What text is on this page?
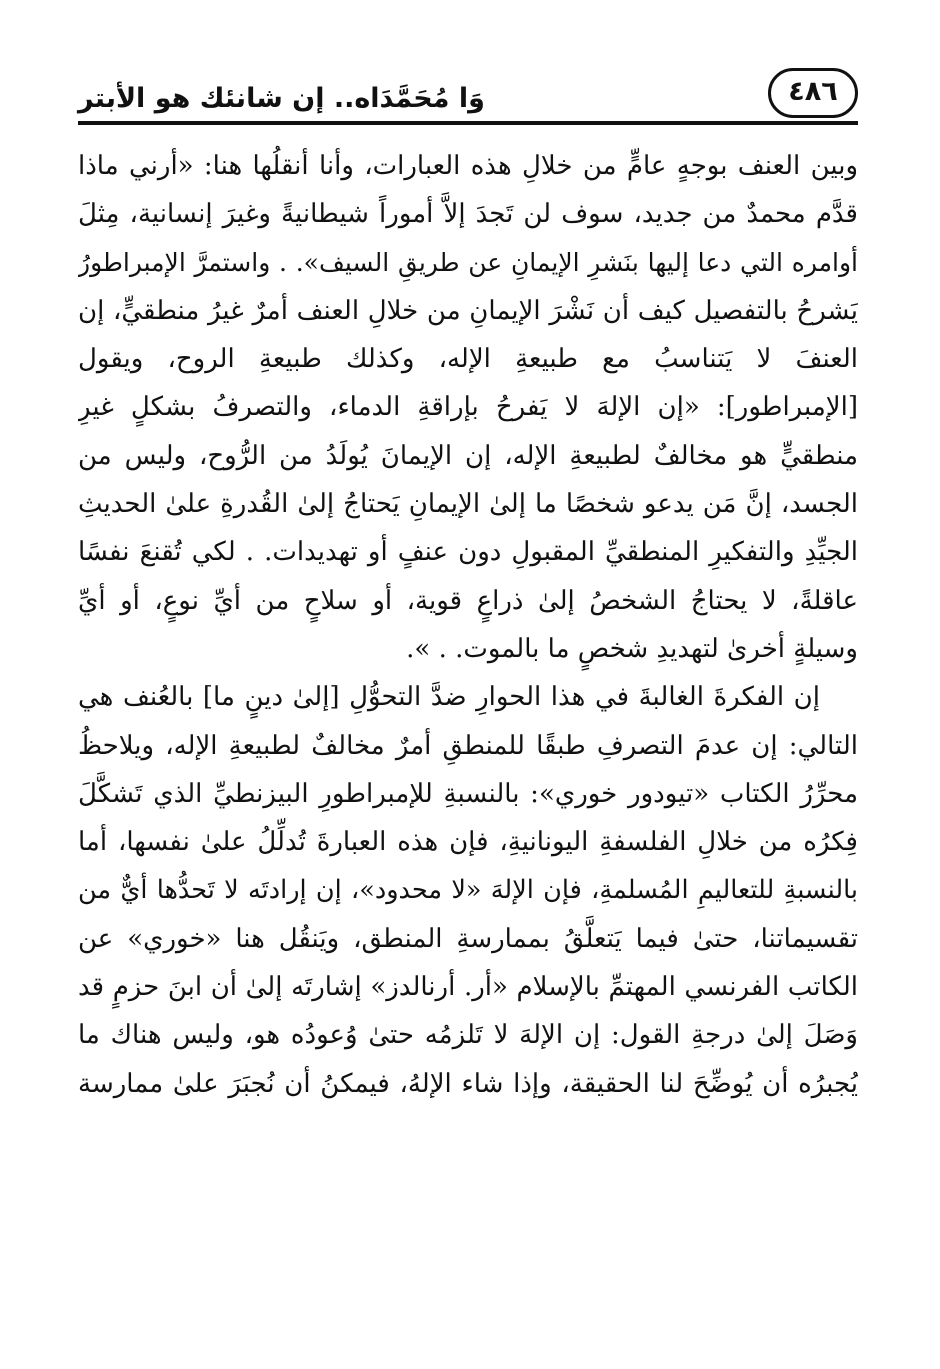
وَا مُحَمَّدَاه.. إن شانئك هو الأبتر	٤٨٦
وبين العنف بوجهٍ عامٍّ من خلالِ هذه العبارات، وأنا أنقلُها هنا: «أرني ماذا
قدَّم محمدٌ من جديد، سوف لن تَجدَ إلاَّ أموراً شيطانيةً وغيرَ إنسانية، مِثلَ
أوامره التي دعا إليها بنَشرِ الإيمانِ عن طريقِ السيف». . واستمرَّ الإمبراطورُ
يَشرحُ بالتفصيل كيف أن نَشْرَ الإيمانِ من خلالِ العنف أمرٌ غيرُ منطقيٍّ، إن
العنفَ لا يَتناسبُ مع طبيعةِ الإله، وكذلك طبيعةِ الروح، ويقول
[الإمبراطور]: «إن الإلهَ لا يَفرحُ بإراقةِ الدماء، والتصرفُ بشكلٍ غيرِ
منطقيٍّ هو مخالفٌ لطبيعةِ الإله، إن الإيمانَ يُولَدُ من الرُّوح، وليس من
الجسد، إنَّ مَن يدعو شخصًا ما إلىٰ الإيمانِ يَحتاجُ إلىٰ القُدرةِ علىٰ الحديثِ
الجيِّدِ والتفكيرِ المنطقيِّ المقبولِ دون عنفٍ أو تهديدات. . لكي تُقنعَ نفسًا
عاقلةً، لا يحتاجُ الشخصُ إلىٰ ذراعٍ قوية، أو سلاحٍ من أيِّ نوعٍ، أو أيِّ
وسيلةٍ أخرىٰ لتهديدِ شخصٍ ما بالموت. . ».
إن الفكرةَ الغالبةَ في هذا الحوارِ ضدَّ التحوُّلِ [إلىٰ دينٍ ما] بالعُنف هي
التالي: إن عدمَ التصرفِ طبقًا للمنطقِ أمرٌ مخالفٌ لطبيعةِ الإله، ويلاحظُ
محرِّرُ الكتاب «تيودور خوري»: بالنسبةِ للإمبراطورِ البيزنطيِّ الذي تَشكَّلَ
فِكرُه من خلالِ الفلسفةِ اليونانيةِ، فإن هذه العبارةَ تُدلِّلُ علىٰ نفسها، أما
بالنسبةِ للتعاليمِ المُسلمةِ، فإن الإلهَ «لا محدود»، إن إرادتَه لا تَحدُّها أيٌّ من
تقسيماتنا، حتىٰ فيما يَتعلَّقُ بممارسةِ المنطق، ويَنقُل هنا «خوري» عن
الكاتب الفرنسي المهتمِّ بالإسلام «أر. أرنالدز» إشارتَه إلىٰ أن ابنَ حزمٍ قد
وَصَلَ إلىٰ درجةِ القول: إن الإلهَ لا تَلزمُه حتىٰ وُعودُه هو، وليس هناك ما
يُجبرُه أن يُوضِّحَ لنا الحقيقة، وإذا شاء الإلهُ، فيمكنُ أن نُجبَرَ علىٰ ممارسة
